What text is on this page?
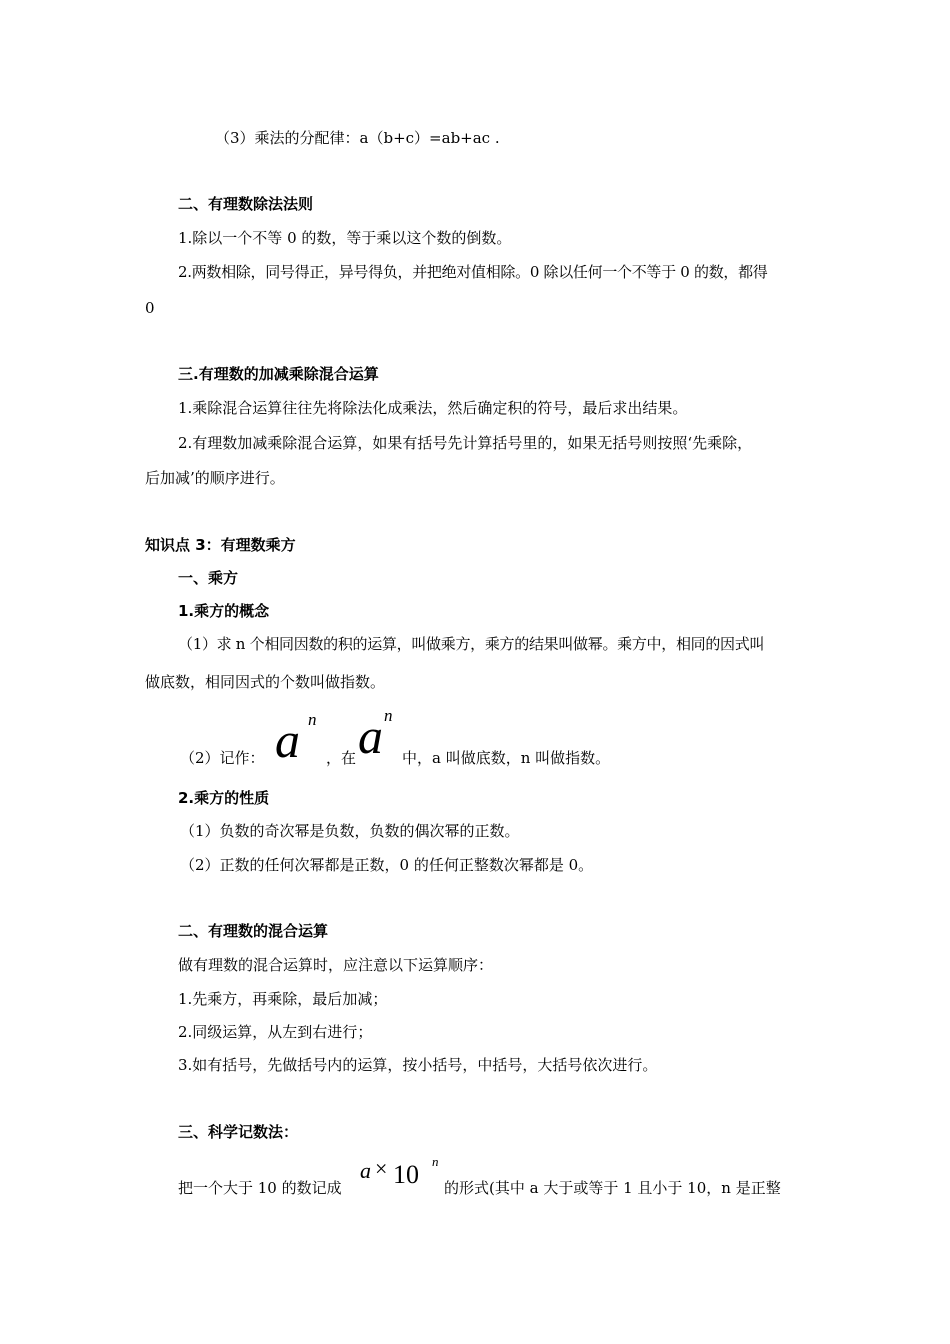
（3）乘法的分配律：a（b+c）=ab+ac .
二、有理数除法法则
1.除以一个不等 0 的数，等于乘以这个数的倒数。
2.两数相除，同号得正，异号得负，并把绝对值相除。0 除以任何一个不等于 0 的数，都得
0
三.有理数的加减乘除混合运算
1.乘除混合运算往往先将除法化成乘法，然后确定积的符号，最后求出结果。
2.有理数加减乘除混合运算，如果有括号先计算括号里的，如果无括号则按照‘先乘除，
后加减’的顺序进行。
知识点 3：有理数乘方
一、乘方
1.乘方的概念
（1）求 n 个相同因数的积的运算，叫做乘方，乘方的结果叫做幂。乘方中，相同的因式叫
做底数，相同因式的个数叫做指数。
（2）记作： a n
，在 a n
中，a 叫做底数，n 叫做指数。
2.乘方的性质
（1）负数的奇次幂是负数，负数的偶次幂的正数。
（2）正数的任何次幂都是正数，0 的任何正整数次幂都是 0。
二、有理数的混合运算
做有理数的混合运算时，应注意以下运算顺序：
1.先乘方，再乘除，最后加减；
2.同级运算，从左到右进行；
3.如有括号，先做括号内的运算，按小括号，中括号，大括号依次进行。
三、科学记数法：
把一个大于 10 的数记成
a × 10 n
的形式(其中 a 大于或等于 1 且小于 10，n 是正整
